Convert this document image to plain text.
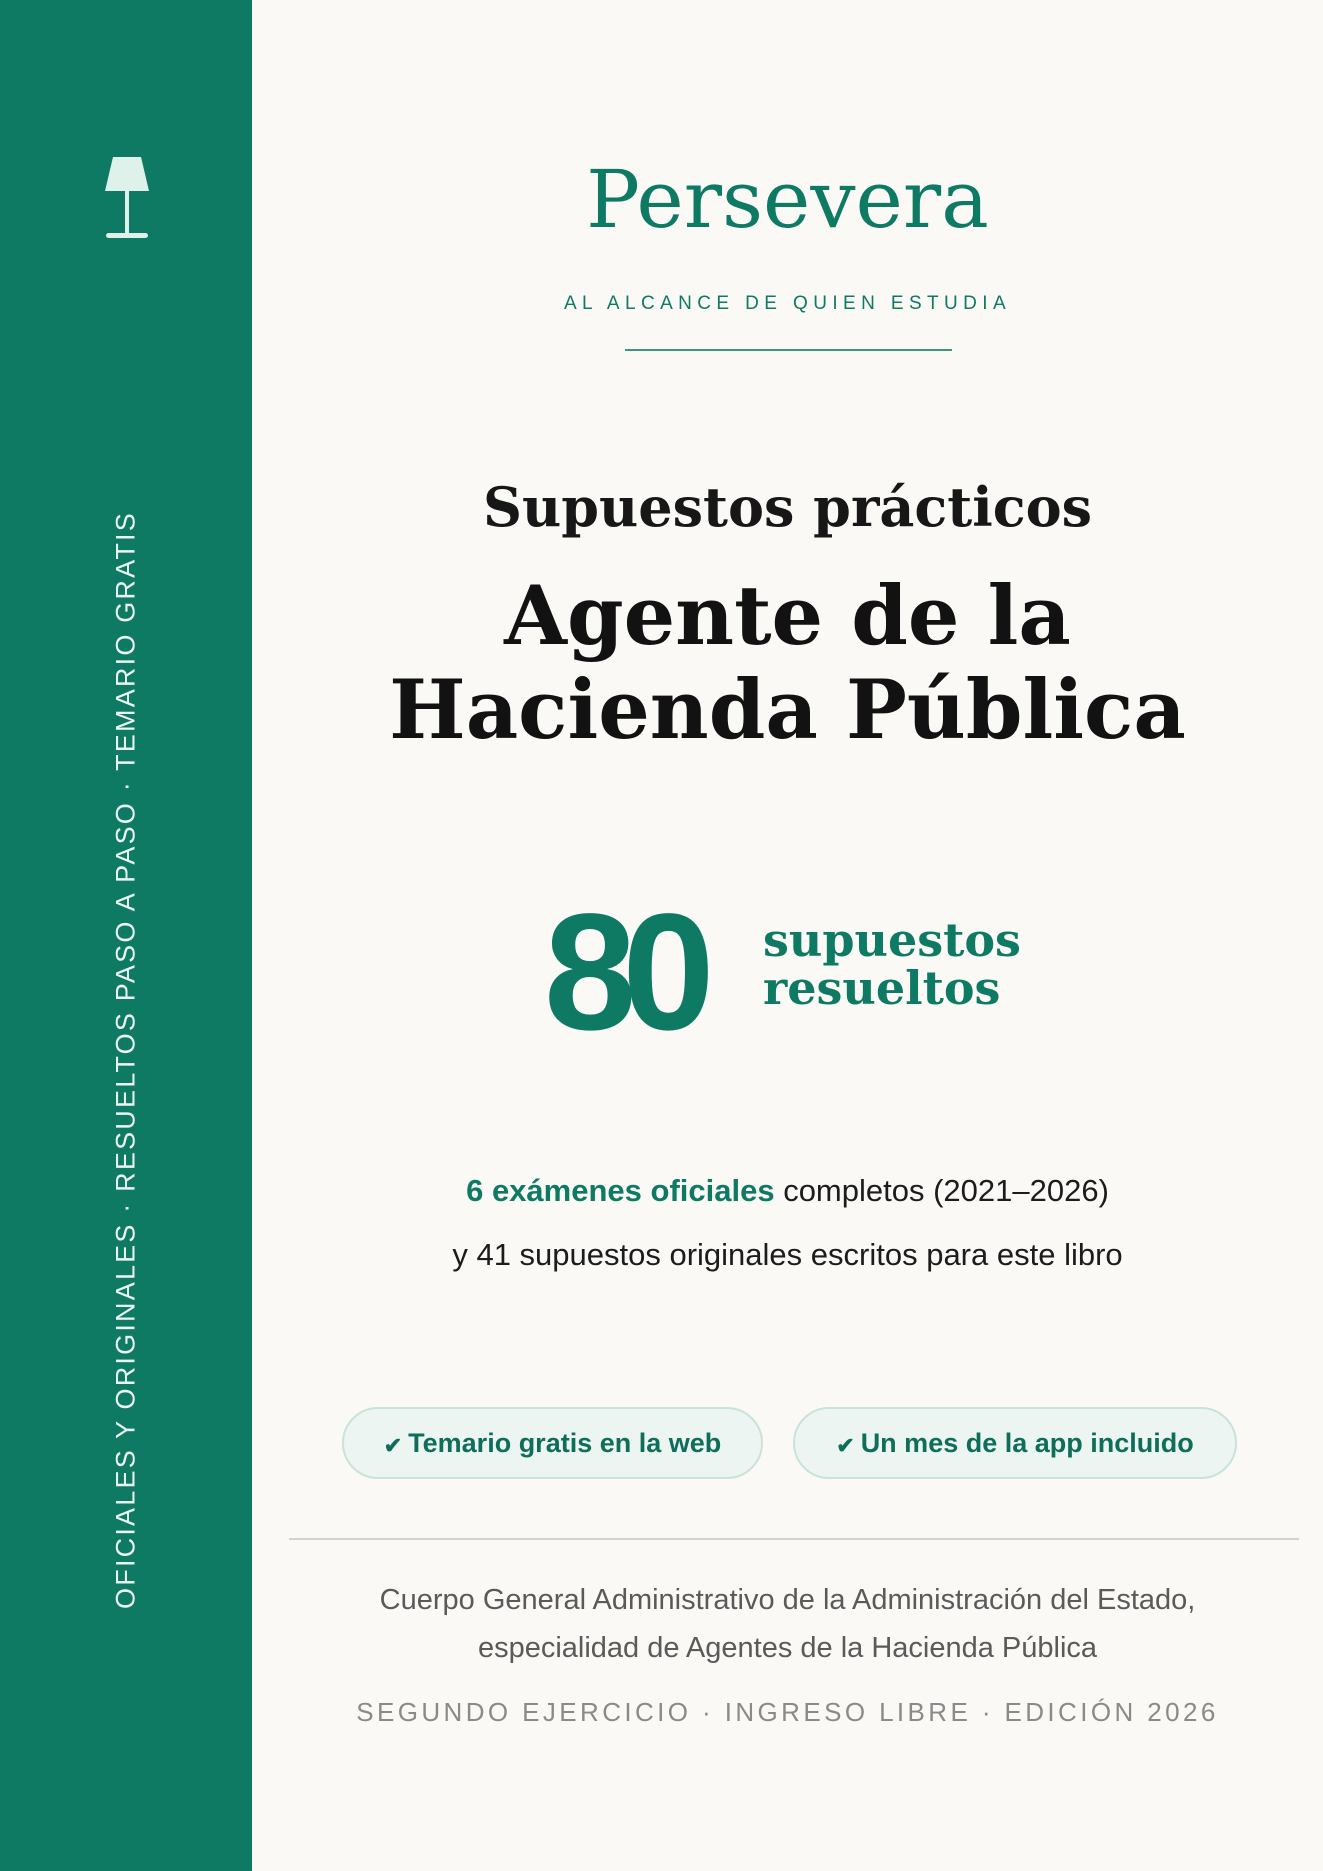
OFICIALES Y ORIGINALES · RESUELTOS PASO A PASO · TEMARIO GRATIS
Persevera
AL ALCANCE DE QUIEN ESTUDIA
Supuestos prácticos
Agente de la
Hacienda Pública
80 supuestos
resueltos
6 exámenes oficiales completos (2021–2026)
y 41 supuestos originales escritos para este libro
✔ Temario gratis en la web	✔ Un mes de la app incluido
Cuerpo General Administrativo de la Administración del Estado,
especialidad de Agentes de la Hacienda Pública
SEGUNDO EJERCICIO · INGRESO LIBRE · EDICIÓN 2026
